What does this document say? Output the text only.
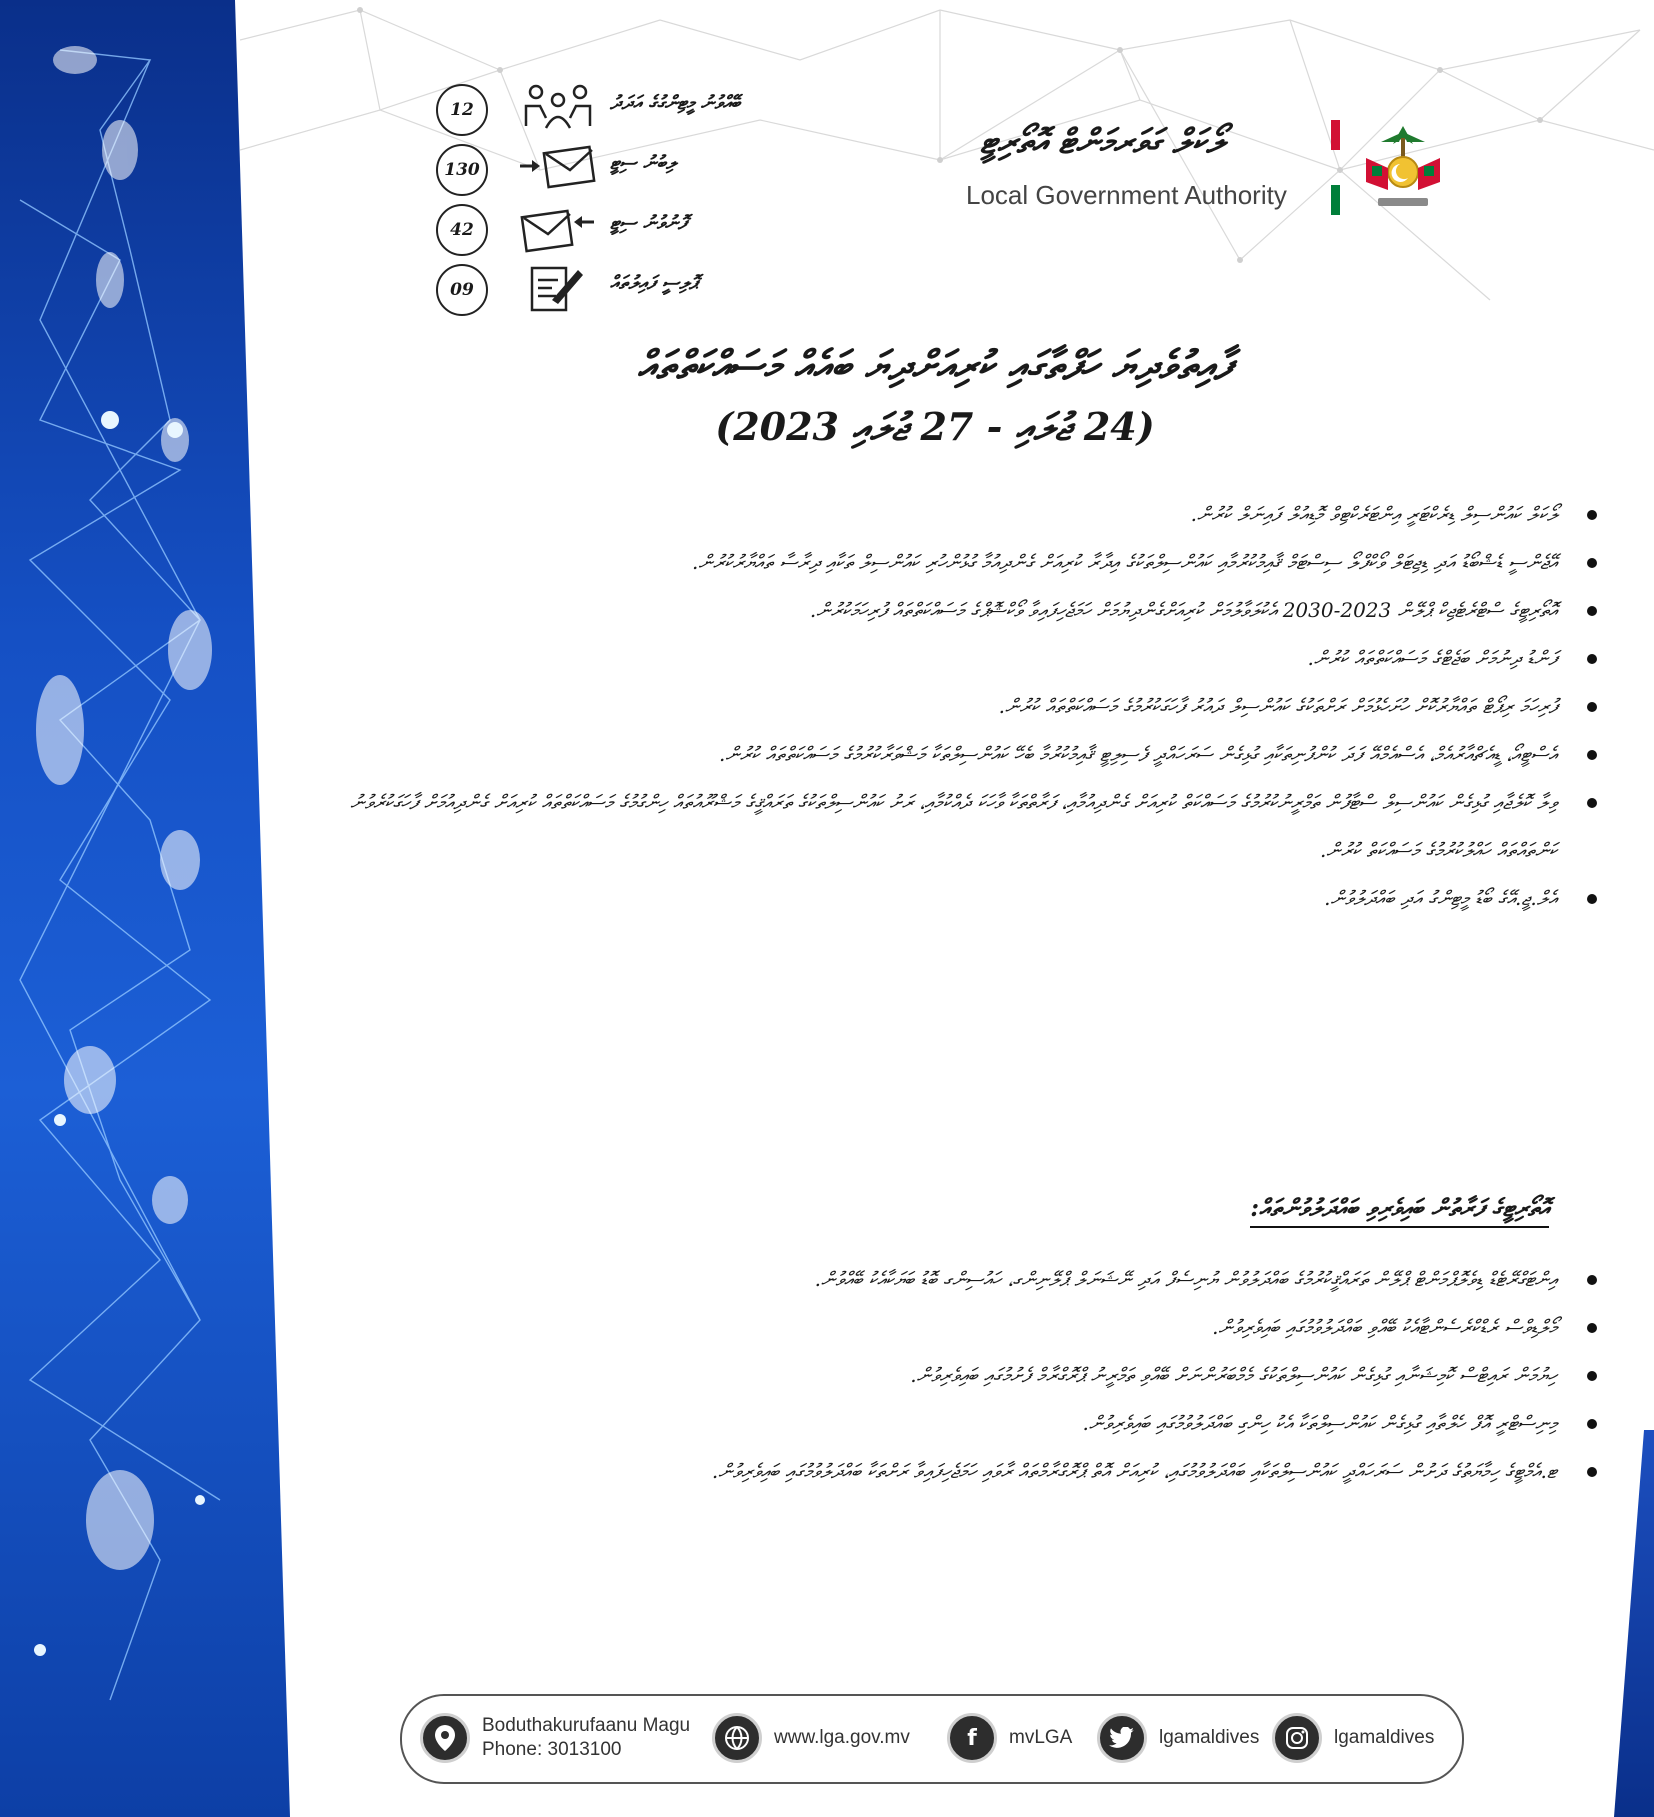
12	ބޭއްވުނު މީޓިންގުގެ އަދަދު
130	ލިބުނު ސިޓީ
42	ފޮނުވުނު ސިޓީ
09	ޕޮލިސީ ފައިލުތައް
ލޯކަލް ގަވަރމަންޓް އޮތޯރިޓީ
Local Government Authority
ފާއިތުވެދިޔަ ހަފްތާގައި ކުރިއަށްދިޔަ ބައެއް މަސައްކަތްތައް
(24 ޖުލައި - 27 ޖުލައި 2023)
ލޯކަލް ކައުންސިލް ޑިރެކްޓަރީ އިންޓަރެކްޓިވް މޮޑިއުލް ފައިނަލް ކުރުން.
އޭޖެންސީ ޑެޝްބޯޑު އަދި ޑިޖިޓަލް ވޯކްފްލޯ ސިސްޓަމް ޤާއިމުކުރުމާއި ކައުންސިލްތަކުގެ އިދާރާ ކުރިއަށް ގެންދިއުމާ ގުޅުންހުރި ކައުންސިލް ތަކާއި ދިރާސާ ތައްޔާރުކުރުން.
އޮތޯރިޓީގެ ސްޓްރެޓެޖިކް ޕްލޭން 2023-2030 އެކުލަވާލުމަށް ކުރިއަށްގެންދިޔުމަށް ހަމަޖެހިފައިވާ ވޯކްޝޮޕްގެ މަސައްކަތްތައް ފުރިހަމަކުރުން.
ފަންޑު ދިނުމަށް ބަޖެޓްގެ މަސައްކަތްތައް ކުރުން.
ފުރިހަމަ ރިޕޯޓް ތައްޔާރުކޮށް ހުށަހެޅުމަށް ރަށްތަކުގެ ކައުންސިލް ދައުރު ފާހަގަކުރުމުގެ މަސައްކަތްތައް ކުރުން.
އެސްޓީއޯ، ޑީއެޗްއާރުއެމް، އެސްއެމްއޭ ފަދަ ކުންފުނިތަކާއި ގުޅިގެން ސަރަހައްދީ ފެސިލިޓީ ޤާއިމުކުރުމާ ބެހޭ ކައުންސިލްތަކާ މަޝްވަރާކުރުމުގެ މަސައްކަތްތައް ކުރުން.
ވިލާ ކޮލެޖާއި ގުޅިގެން ކައުންސިލް ސްޓާފުން ތަމްރީނުކުރުމުގެ މަސައްކަތް ކުރިއަށް ގެންދިއުމާއި، ފަރާތްތަކާ ވާހަކަ ދެއްކުމާއި، ރަށު ކައުންސިލްތަކުގެ ތަރައްޤީގެ މަޝްރޫއުތައް ހިންގުމުގެ މަސައްކަތްތައް ކުރިއަށް ގެންދިއުމަށް ފާހަގަކުރެވުނު ކަންތައްތައް ހައްލުކުރުމުގެ މަސައްކަތް ކުރުން.
އެލް.ޖީ.އޭގެ ބޯޑު މީޓިންގު އަދި ބައްދަލުވުން.
އޮތޯރިޓީގެ ފަރާތުން ބައިވެރިވި ބައްދަލުވުންތައް:
އިންޓަގްރޭޓެޑް ޑިވެލޮޕްމަންޓް ޕްލޭން ތަރައްޤީކުރުމުގެ ބައްދަލުވުން ޔުނިސެފް އަދި ނޭޝަނަލް ޕްލޭނިންގ، ހައުސިންގ ބޮޑު ބަޔަކާއެކު ބޭއްވުން.
މޯލްޑިވްސް ރެޑްކްރެސެންޓާއެކު ބޭއްވި ބައްދަލުވުމުގައި ބައިވެރިވުން.
ހިޔުމަން ރައިޓްސް ކޮމިޝަނާއި ގުޅިގެން ކައުންސިލްތަކުގެ މެމްބަރުންނަށް ބޭއްވި ތަމްރީނު ޕްރޮގްރާމް ފެށުމުގައި ބައިވެރިވުން.
މިނިސްޓްރީ އޮފް ހެލްތާއި ގުޅިގެން ކައުންސިލްތަކާ އެކު ހިންގި ބައްދަލުވުމުގައި ބައިވެރިވުން.
ޓ.އެމްޓީގެ ހިމާޔަތުގެ ދަށުން ސަރަހައްދީ ކައުންސިލްތަކާއި ބައްދަލުވުމުގައި، ކުރިއަށް އޮތް ޕްރޮގްރާމްތައް ރާވައި ހަމަޖެހިފައިވާ ރަށްތަކާ ބައްދަލުވުމުގައި ބައިވެރިވުން.
Boduthakurufaanu Magu
Phone: 3013100
www.lga.gov.mv	f	mvLGA	lgamaldives	lgamaldives
